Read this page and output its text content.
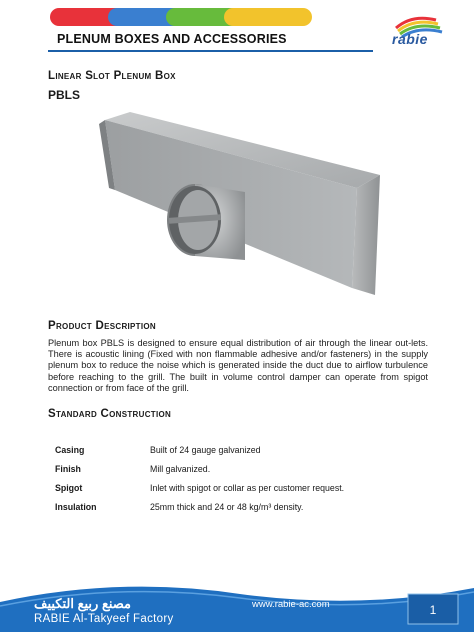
PLENUM BOXES AND ACCESSORIES	rabie
Linear Slot Plenum Box
PBLS
Product Description
Plenum box PBLS is designed to ensure equal distribution of air through the linear out-lets. There is acoustic lining (Fixed with non flammable adhesive and/or fasteners) in the supply plenum box to reduce the noise which is generated inside the duct due to airflow turbulence before reaching to the grill. The built in volume control damper can operate from spigot connection or from face of the grill.
Standard Construction
Casing	Built of 24 gauge galvanized
Finish	Mill galvanized.
Spigot	Inlet with spigot or collar as per customer request.
Insulation	25mm thick and 24 or 48 kg/m³ density.
مصنع ربيع التكييف
RABIE Al-Takyeef Factory
www.rabie-ac.com	1
